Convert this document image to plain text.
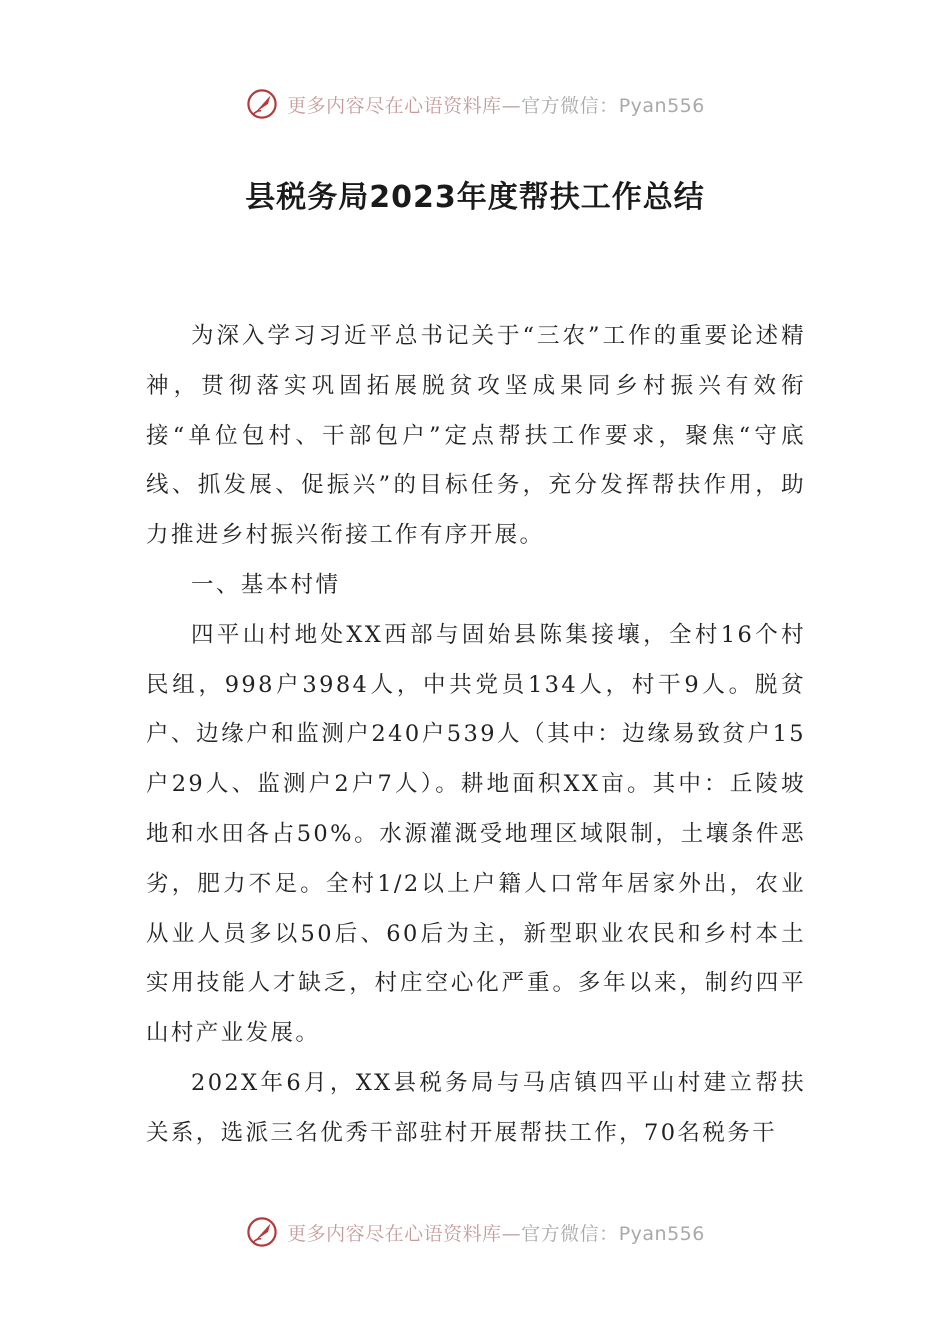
更多内容尽在心语资料库—官方微信：Pyan556
县税务局2023年度帮扶工作总结

为深入学习习近平总书记关于“三农”工作的重要论述精神，贯彻落实巩固拓展脱贫攻坚成果同乡村振兴有效衔接“单位包村、干部包户”定点帮扶工作要求，聚焦“守底线、抓发展、促振兴”的目标任务，充分发挥帮扶作用，助力推进乡村振兴衔接工作有序开展。

一、基本村情

四平山村地处XX西部与固始县陈集接壤，全村16个村民组，998户3984人，中共党员134人，村干9人。脱贫户、边缘户和监测户240户539人（其中：边缘易致贫户15户29人、监测户2户7人）。耕地面积XX亩。其中：丘陵坡地和水田各占50%。水源灌溉受地理区域限制，土壤条件恶劣，肥力不足。全村1/2以上户籍人口常年居家外出，农业从业人员多以50后、60后为主，新型职业农民和乡村本土实用技能人才缺乏，村庄空心化严重。多年以来，制约四平山村产业发展。

202X年6月，XX县税务局与马店镇四平山村建立帮扶关系，选派三名优秀干部驻村开展帮扶工作，70名税务干

更多内容尽在心语资料库—官方微信：Pyan556
